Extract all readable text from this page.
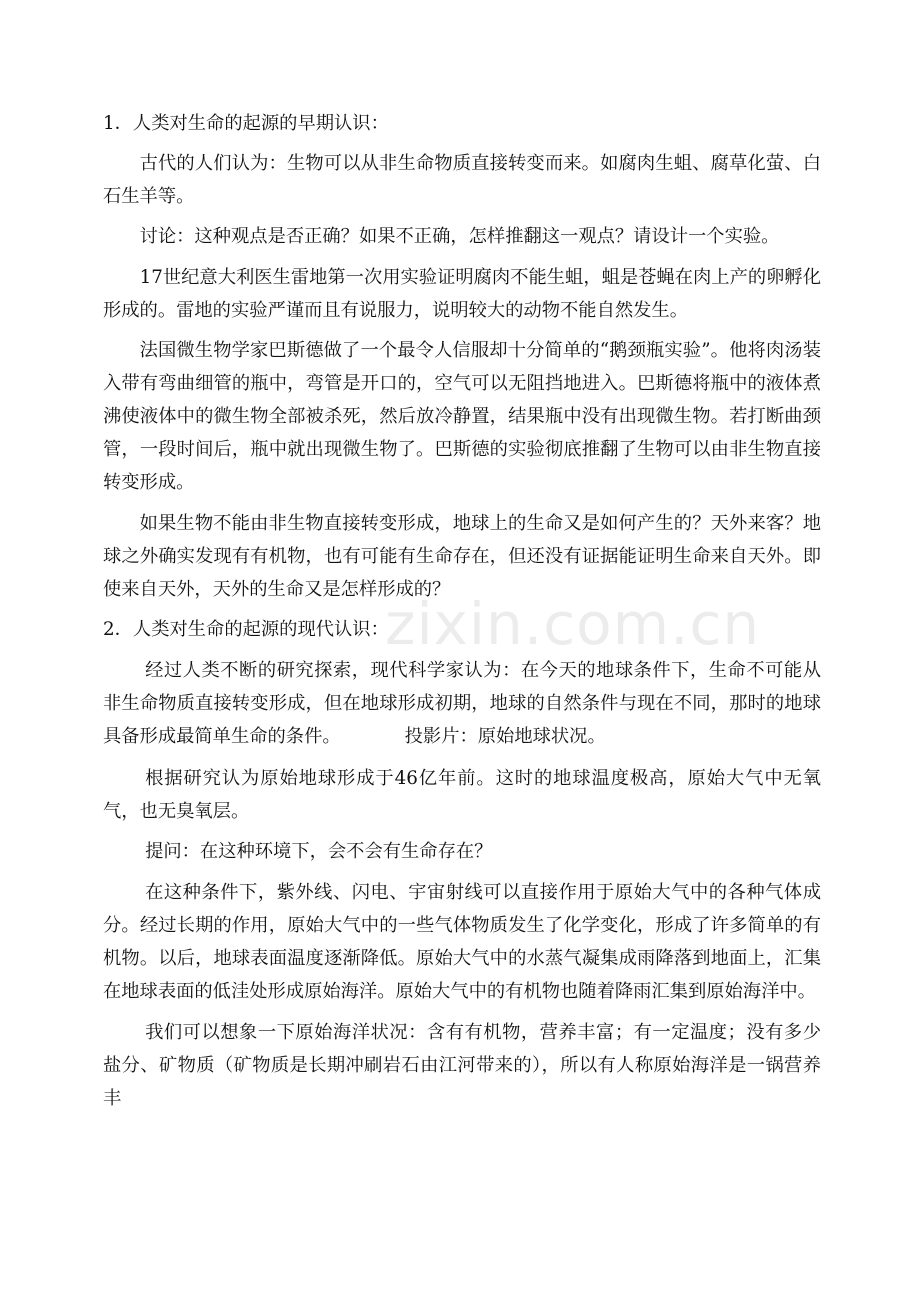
zixin.com.cn

1．人类对生命的起源的早期认识：

古代的人们认为：生物可以从非生命物质直接转变而来。如腐肉生蛆、腐草化萤、白石生羊等。

讨论：这种观点是否正确？如果不正确，怎样推翻这一观点？请设计一个实验。

17世纪意大利医生雷地第一次用实验证明腐肉不能生蛆，蛆是苍蝇在肉上产的卵孵化形成的。雷地的实验严谨而且有说服力，说明较大的动物不能自然发生。

法国微生物学家巴斯德做了一个最令人信服却十分简单的“鹅颈瓶实验”。他将肉汤装入带有弯曲细管的瓶中，弯管是开口的，空气可以无阻挡地进入。巴斯德将瓶中的液体煮沸使液体中的微生物全部被杀死，然后放冷静置，结果瓶中没有出现微生物。若打断曲颈管，一段时间后，瓶中就出现微生物了。巴斯德的实验彻底推翻了生物可以由非生物直接转变形成。

如果生物不能由非生物直接转变形成，地球上的生命又是如何产生的？天外来客？地球之外确实发现有有机物，也有可能有生命存在，但还没有证据能证明生命来自天外。即使来自天外，天外的生命又是怎样形成的？

2．人类对生命的起源的现代认识：

经过人类不断的研究探索，现代科学家认为：在今天的地球条件下，生命不可能从非生命物质直接转变形成，但在地球形成初期，地球的自然条件与现在不同，那时的地球具备形成最简单生命的条件。	投影片：原始地球状况。

根据研究认为原始地球形成于46亿年前。这时的地球温度极高，原始大气中无氧气，也无臭氧层。

提问：在这种环境下，会不会有生命存在？

在这种条件下，紫外线、闪电、宇宙射线可以直接作用于原始大气中的各种气体成分。经过长期的作用，原始大气中的一些气体物质发生了化学变化，形成了许多简单的有机物。以后，地球表面温度逐渐降低。原始大气中的水蒸气凝集成雨降落到地面上，汇集在地球表面的低洼处形成原始海洋。原始大气中的有机物也随着降雨汇集到原始海洋中。

我们可以想象一下原始海洋状况：含有有机物，营养丰富；有一定温度；没有多少盐分、矿物质（矿物质是长期冲刷岩石由江河带来的），所以有人称原始海洋是一锅营养丰
